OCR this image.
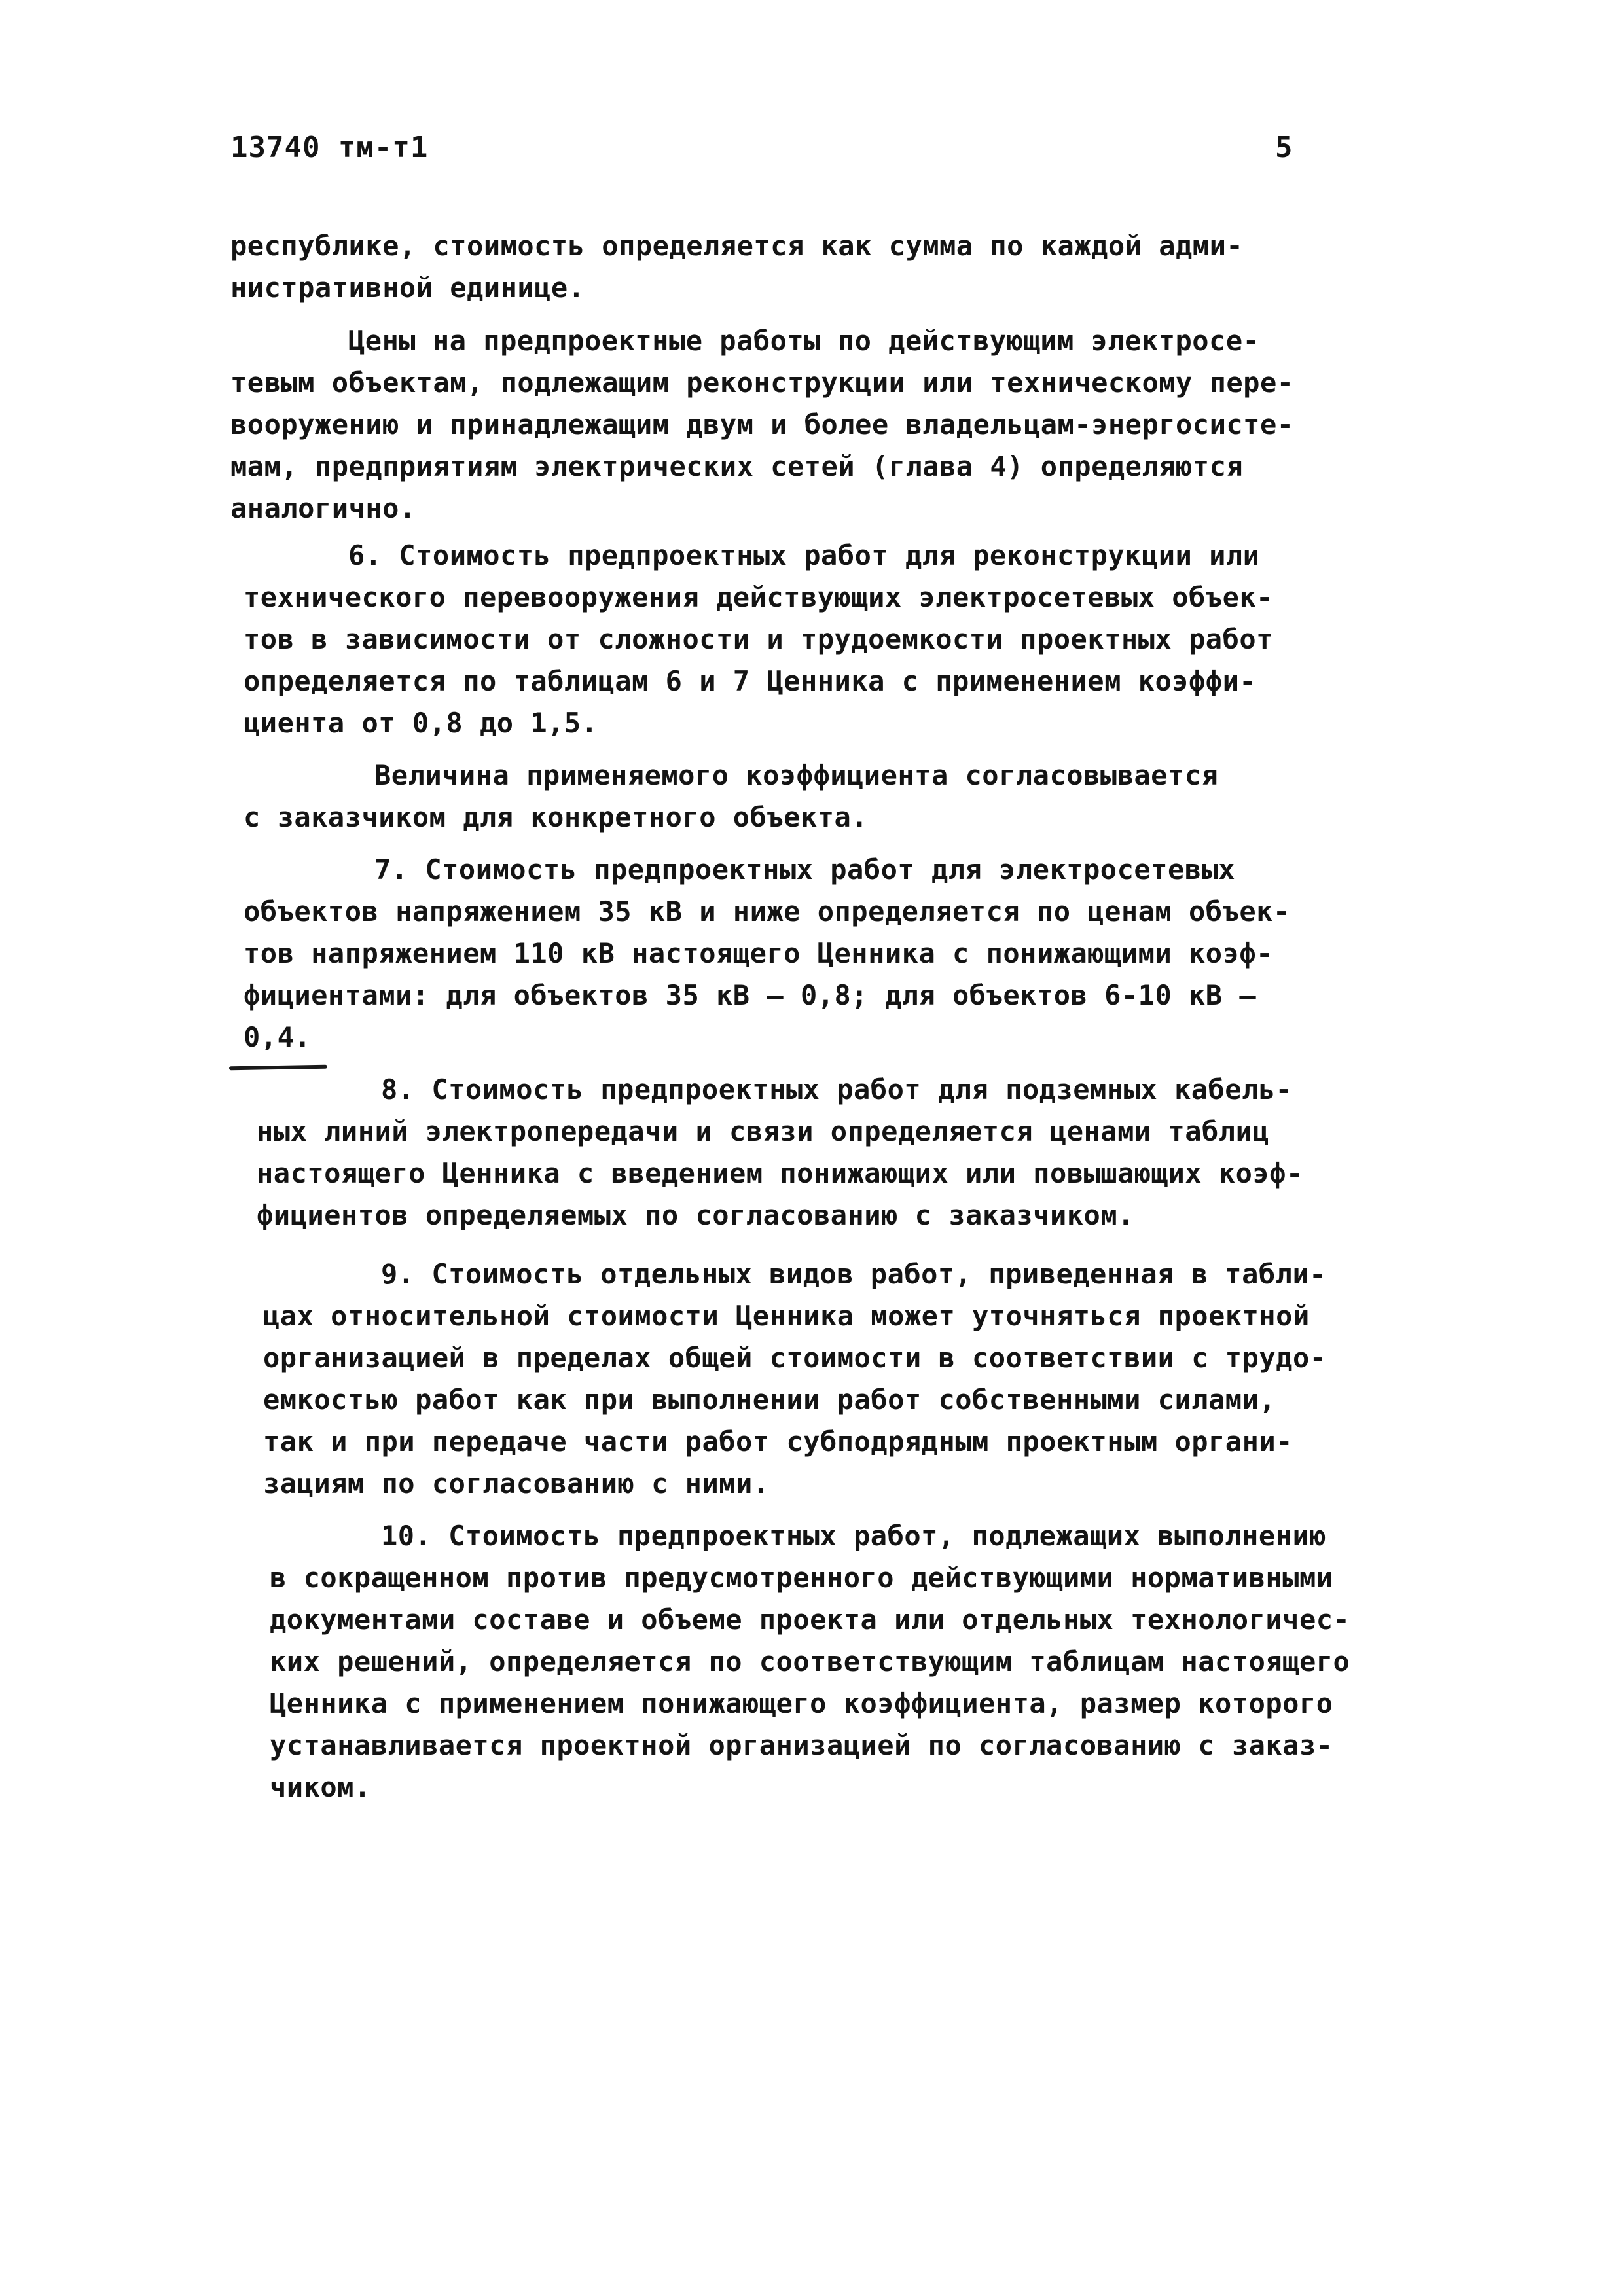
13740 тм-т1	5
республике, стоимость определяется как сумма по каждой адми-
нистративной единице.
Цены на предпроектные работы по действующим электросе-
тевым объектам, подлежащим реконструкции или техническому пере-
вооружению и принадлежащим двум и более владельцам-энергосисте-
мам, предприятиям электрических сетей (глава 4) определяются
аналогично.
6. Стоимость предпроектных работ для реконструкции или
технического перевооружения действующих электросетевых объек-
тов в зависимости от сложности и трудоемкости проектных работ
определяется по таблицам 6 и 7 Ценника с применением коэффи-
циента от 0,8 до 1,5.
Величина применяемого коэффициента согласовывается
с заказчиком для конкретного объекта.
7. Стоимость предпроектных работ для электросетевых
объектов напряжением 35 кВ и ниже определяется по ценам объек-
тов напряжением 110 кВ настоящего Ценника с понижающими коэф-
фициентами: для объектов 35 кВ – 0,8; для объектов 6-10 кВ –
0,4.
8. Стоимость предпроектных работ для подземных кабель-
ных линий электропередачи и связи определяется ценами таблиц
настоящего Ценника с введением понижающих или повышающих коэф-
фициентов определяемых по согласованию с заказчиком.
9. Стоимость отдельных видов работ, приведенная в табли-
цах относительной стоимости Ценника может уточняться проектной
организацией в пределах общей стоимости в соответствии с трудо-
емкостью работ как при выполнении работ собственными силами,
так и при передаче части работ субподрядным проектным органи-
зациям по согласованию с ними.
10. Стоимость предпроектных работ, подлежащих выполнению
в сокращенном против предусмотренного действующими нормативными
документами составе и объеме проекта или отдельных технологичес-
ких решений, определяется по соответствующим таблицам настоящего
Ценника с применением понижающего коэффициента, размер которого
устанавливается проектной организацией по согласованию с заказ-
чиком.
